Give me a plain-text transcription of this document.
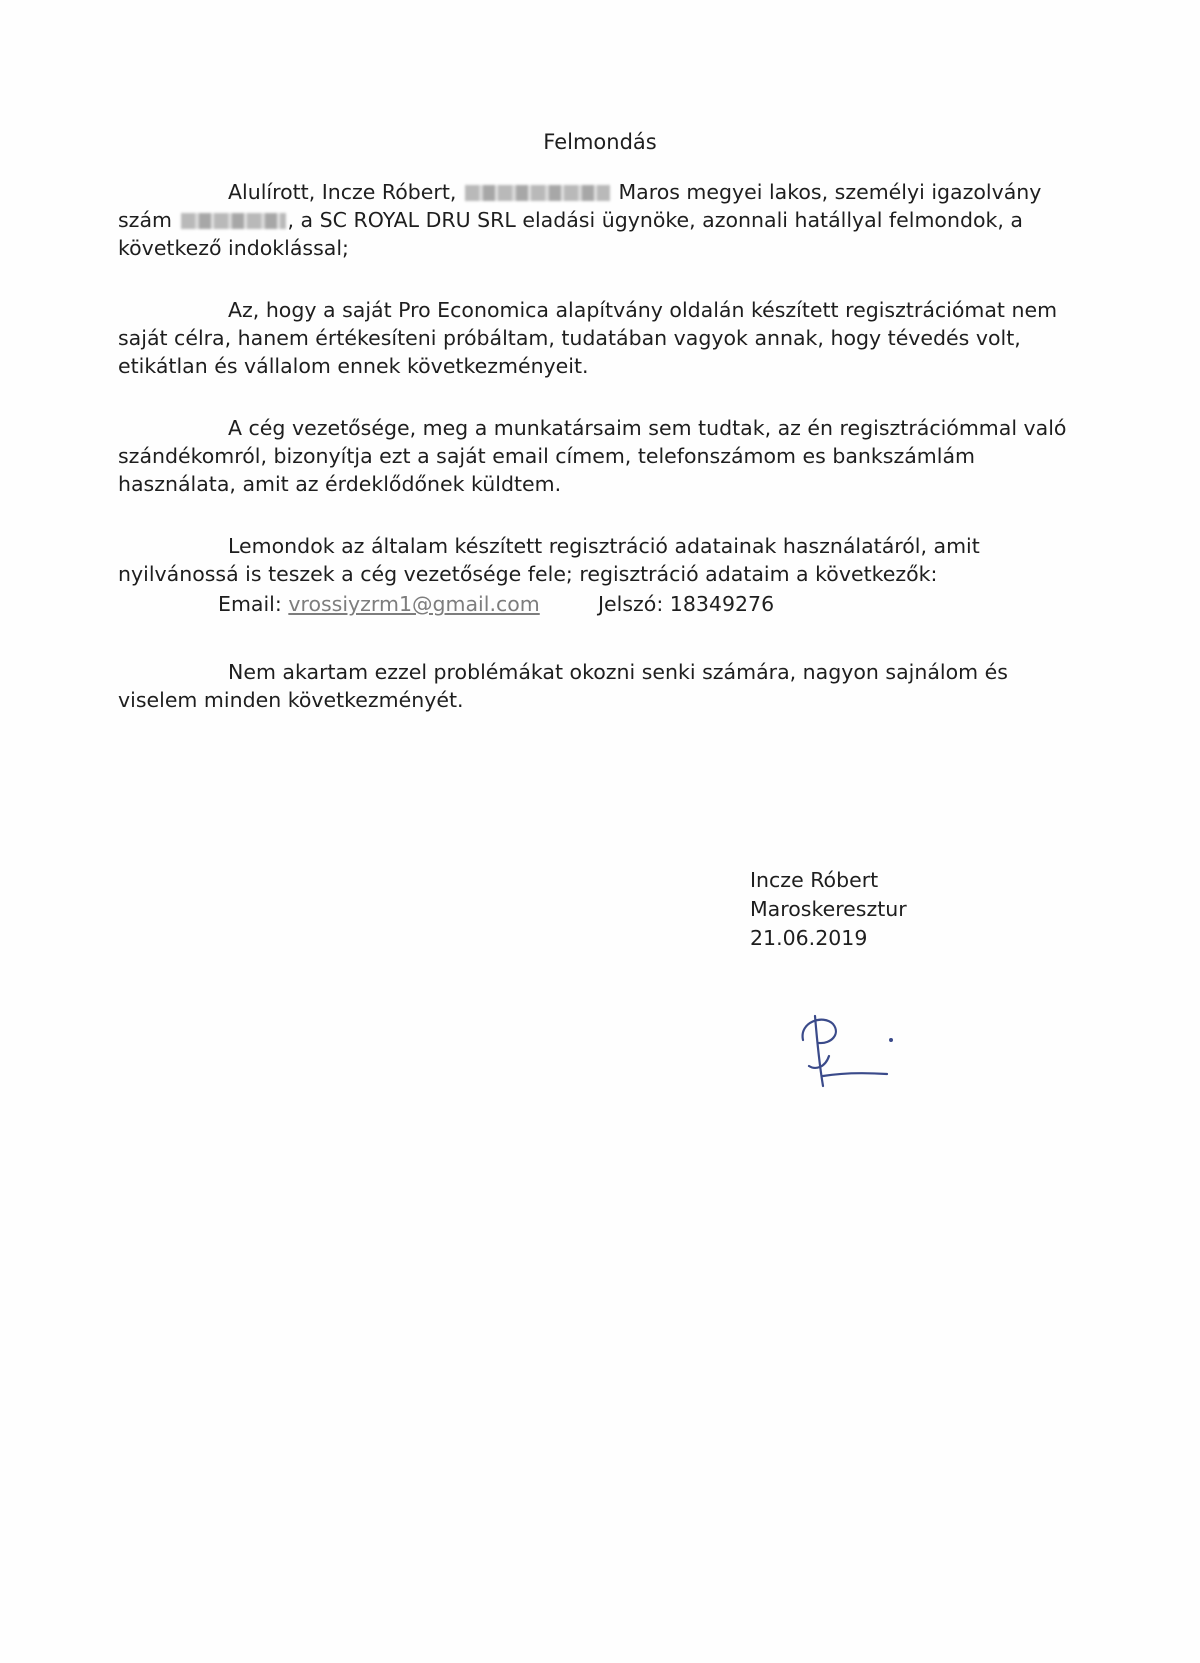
Felmondás
Alulírott, Incze Róbert,	Maros megyei lakos, személyi igazolvány
szám	, a SC ROYAL DRU SRL eladási ügynöke, azonnali hatállyal felmondok, a
következő indoklással;
Az, hogy a saját Pro Economica alapítvány oldalán készített regisztrációmat nem
saját célra, hanem értékesíteni próbáltam, tudatában vagyok annak, hogy tévedés volt,
etikátlan és vállalom ennek következményeit.
A cég vezetősége, meg a munkatársaim sem tudtak, az én regisztrációmmal való
szándékomról, bizonyítja ezt a saját email címem, telefonszámom es bankszámlám
használata, amit az érdeklődőnek küldtem.
Lemondok az általam készített regisztráció adatainak használatáról, amit
nyilvánossá is teszek a cég vezetősége fele; regisztráció adataim a következők:
Email: vrossiyzrm1@gmail.com	Jelszó: 18349276
Nem akartam ezzel problémákat okozni senki számára, nagyon sajnálom és
viselem minden következményét.
Incze Róbert
Maroskeresztur
21.06.2019
